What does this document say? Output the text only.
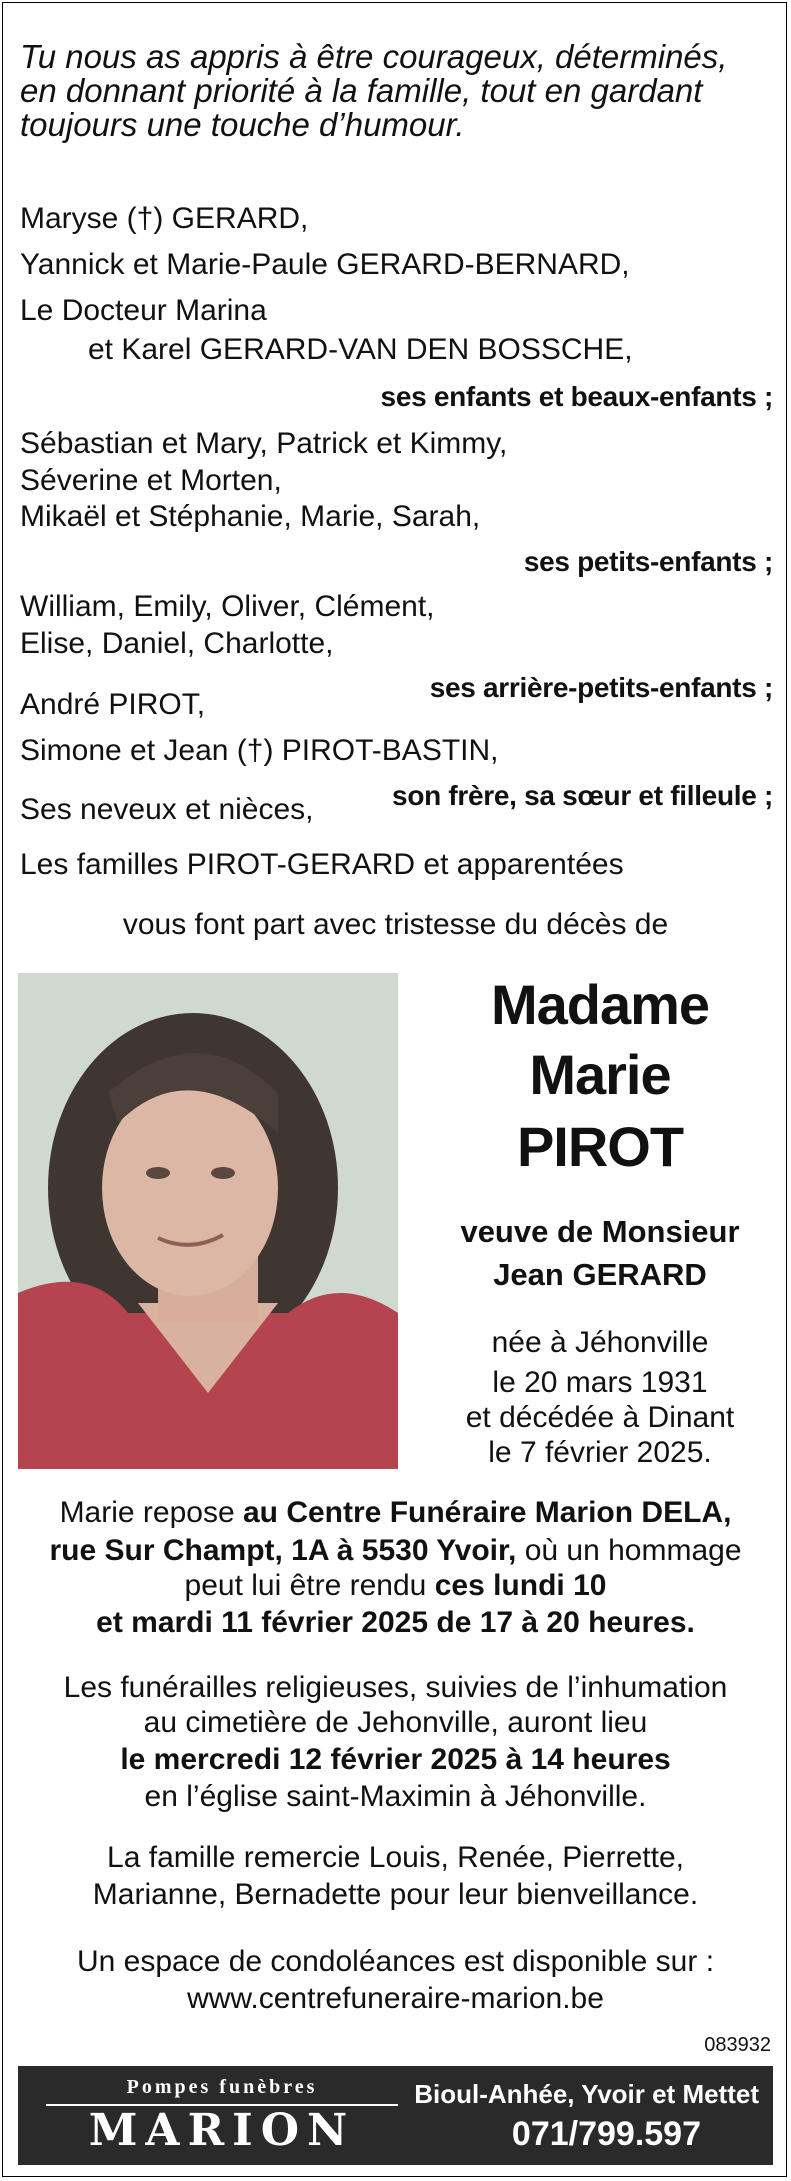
Tu nous as appris à être courageux, déterminés, en donnant priorité à la famille, tout en gardant toujours une touche d’humour.
Maryse (†) GERARD,
Yannick et Marie-Paule GERARD-BERNARD,
Le Docteur Marina
et Karel GERARD-VAN DEN BOSSCHE,
ses enfants et beaux-enfants ;
Sébastian et Mary, Patrick et Kimmy,
Séverine et Morten,
Mikaël et Stéphanie, Marie, Sarah,
ses petits-enfants ;
William, Emily, Oliver, Clément,
Elise, Daniel, Charlotte,
ses arrière-petits-enfants ;
André PIROT,
Simone et Jean (†) PIROT-BASTIN,
son frère, sa sœur et filleule ;
Ses neveux et nièces,
Les familles PIROT-GERARD et apparentées
vous font part avec tristesse du décès de
Madame
Marie
PIROT
veuve de Monsieur
Jean GERARD
née à Jéhonville
le 20 mars 1931
et décédée à Dinant
le 7 février 2025.
Marie repose au Centre Funéraire Marion DELA,
rue Sur Champt, 1A à 5530 Yvoir, où un hommage
peut lui être rendu ces lundi 10
et mardi 11 février 2025 de 17 à 20 heures.
Les funérailles religieuses, suivies de l’inhumation
au cimetière de Jehonville, auront lieu
le mercredi 12 février 2025 à 14 heures
en l’église saint-Maximin à Jéhonville.
La famille remercie Louis, Renée, Pierrette,
Marianne, Bernadette pour leur bienveillance.
Un espace de condoléances est disponible sur :
www.centrefuneraire-marion.be
083932
Pompes funèbres
MARION
Bioul-Anhée, Yvoir et Mettet
071/799.597
